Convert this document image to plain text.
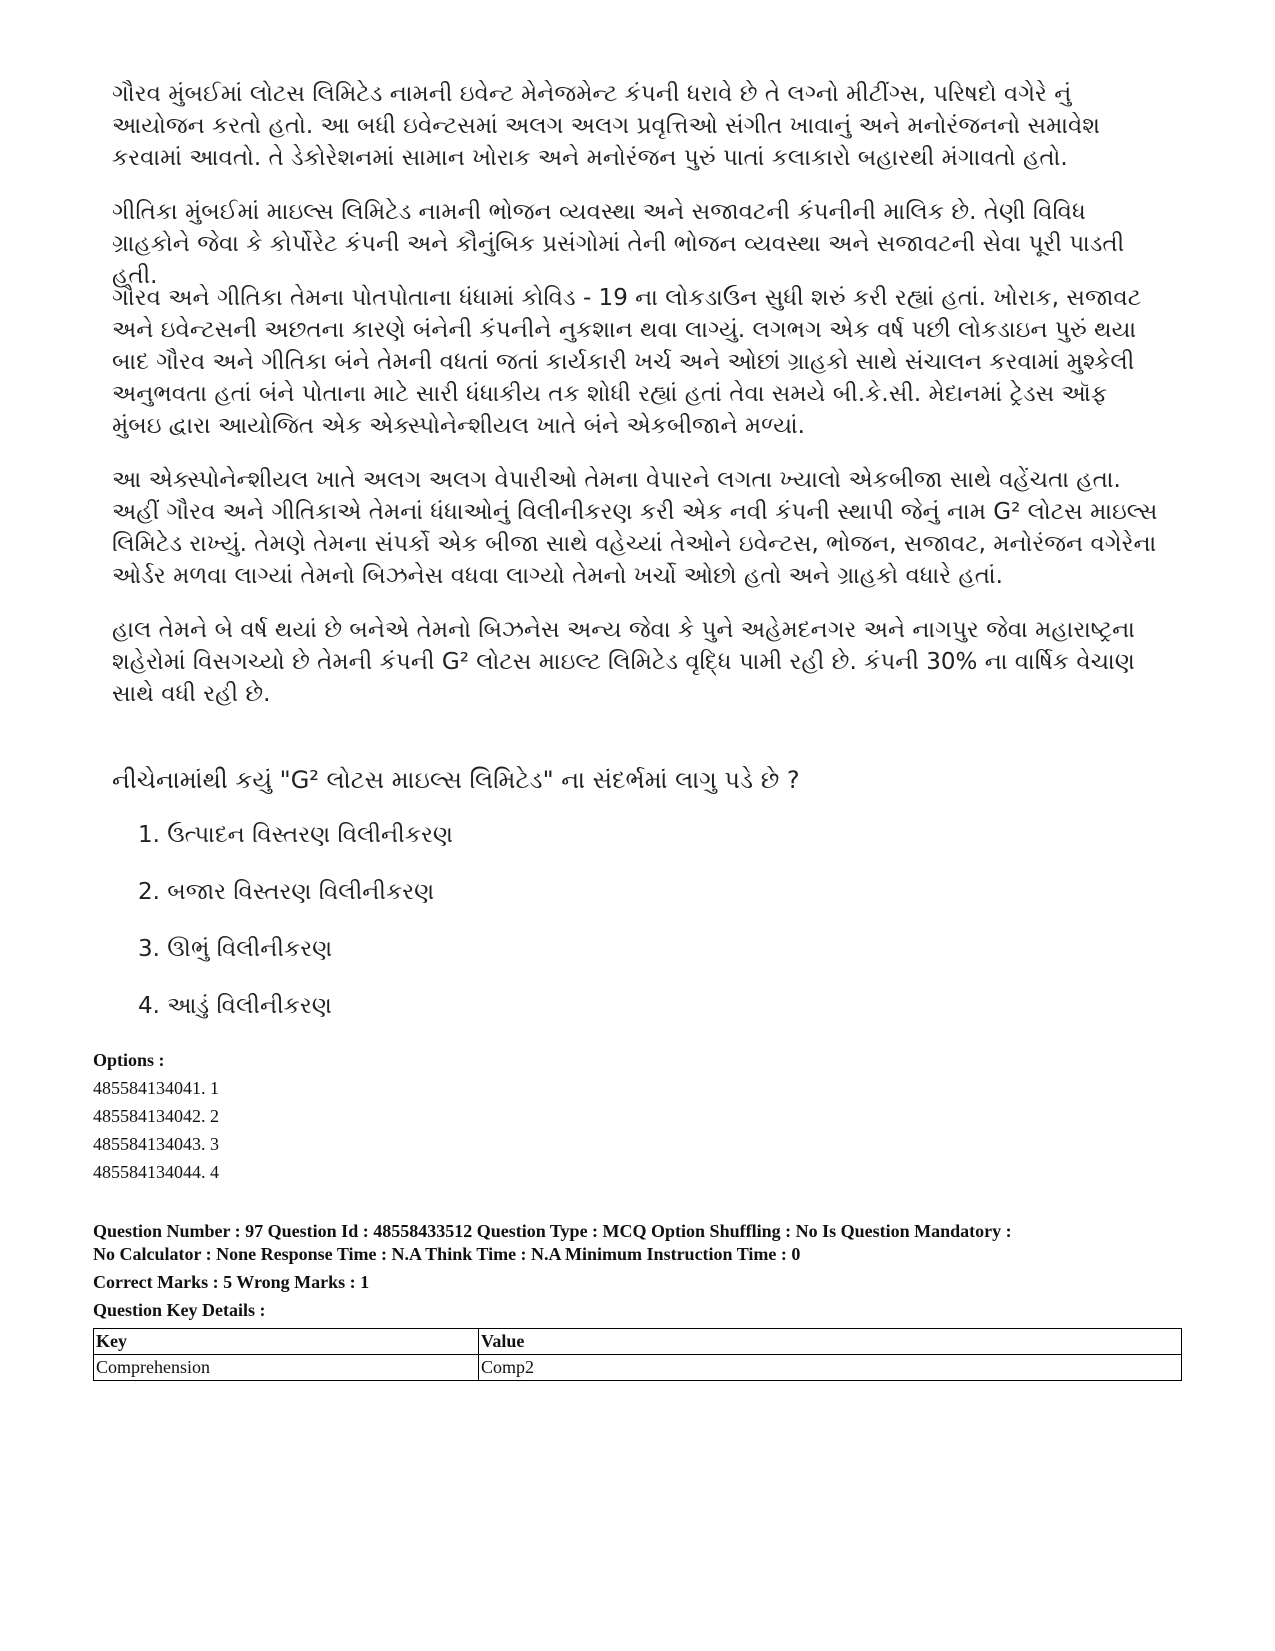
ગૌરવ મુંબઈમાં લોટસ લિમિટેડ નામની ઇવેન્ટ મેનેજમેન્ટ કંપની ધરાવે છે તે લગ્નો મીટીંગ્સ, પરિષદો વગેરે નું આયોજન કરતો હતો. આ બધી ઇવેન્ટસમાં અલગ અલગ પ્રવૃત્તિઓ સંગીત ખાવાનું અને મનોરંજનનો સમાવેશ કરવામાં આવતો. તે ડેકોરેશનમાં સામાન ખોરાક અને મનોરંજન પુરું પાતાં કલાકારો બહારથી મંગાવતો હતો.

ગીતિકા મુંબઈમાં માઇલ્સ લિમિટેડ નામની ભોજન વ્યવસ્થા અને સજાવટની કંપનીની માલિક છે. તેણી વિવિધ ગ્રાહકોને જેવા કે કોર્પોરેટ કંપની અને કૌનુંબિક પ્રસંગોમાં તેની ભોજન વ્યવસ્થા અને સજાવટની સેવા પૂરી પાડતી હતી.

ગૌરવ અને ગીતિકા તેમના પોતપોતાના ધંધામાં કોવિડ - 19 ના લોકડાઉન સુધી શરું કરી રહ્યાં હતાં. ખોરાક, સજાવટ અને ઇવેન્ટસની અછતના કારણે બંનેની કંપનીને નુકશાન થવા લાગ્યું. લગભગ એક વર્ષ પછી લોકડાઇન પુરું થયા બાદ ગૌરવ અને ગીતિકા બંને તેમની વધતાં જતાં કાર્યકારી ખર્ચ અને ઓછાં ગ્રાહકો સાથે સંચાલન કરવામાં મુશ્કેલી અનુભવતા હતાં બંને પોતાના માટે સારી ધંધાકીય તક શોધી રહ્યાં હતાં તેવા સમયે બી.કે.સી. મેદાનમાં ટ્રેડસ ઑફ મુંબઇ દ્વારા આયોજિત એક એક્સ્પોનેન્શીયલ ખાતે બંને એકબીજાને મળ્યાં.

આ એક્સ્પોનેન્શીયલ ખાતે અલગ અલગ વેપારીઓ તેમના વેપારને લગતા ખ્યાલો એકબીજા સાથે વહેંચતા હતા. અહીં ગૌરવ અને ગીતિકાએ તેમનાં ધંધાઓનું વિલીનીકરણ કરી એક નવી કંપની સ્થાપી જેનું નામ G² લોટસ માઇલ્સ લિમિટેડ રાખ્યું. તેમણે તેમના સંપર્કો એક બીજા સાથે વહેચ્યાં તેઓને ઇવેન્ટસ, ભોજન, સજાવટ, મનોરંજન વગેરેના ઓર્ડર મળવા લાગ્યાં તેમનો બિઝનેસ વધવા લાગ્યો તેમનો ખર્ચો ઓછો હતો અને ગ્રાહકો વધારે હતાં.

હાલ તેમને બે વર્ષ થયાં છે બનેએ તેમનો બિઝનેસ અન્ય જેવા કે પુને અહેમદનગર અને નાગપુર જેવા મહારાષ્ટ્રના શહેરોમાં વિસગચ્યો છે તેમની કંપની G² લોટસ માઇલ્ટ લિમિટેડ વૃદ્ધિ પામી રહી છે. કંપની 30% ના વાર્ષિક વેચાણ સાથે વધી રહી છે.

નીચેનામાંથી કયું "G² લોટસ માઇલ્સ લિમિટેડ" ના સંદર્ભમાં લાગુ પડે છે ?
1. ઉત્પાદન વિસ્તરણ વિલીનીકરણ
2. બજાર વિસ્તરણ વિલીનીકરણ
3. ઊભું વિલીનીકરણ
4. આડું વિલીનીકરણ
Options :
485584134041. 1
485584134042. 2
485584134043. 3
485584134044. 4
Question Number : 97 Question Id : 48558433512 Question Type : MCQ Option Shuffling : No Is Question Mandatory :
No Calculator : None Response Time : N.A Think Time : N.A Minimum Instruction Time : 0
Correct Marks : 5 Wrong Marks : 1
Question Key Details :
Key	Value
Comprehension	Comp2
